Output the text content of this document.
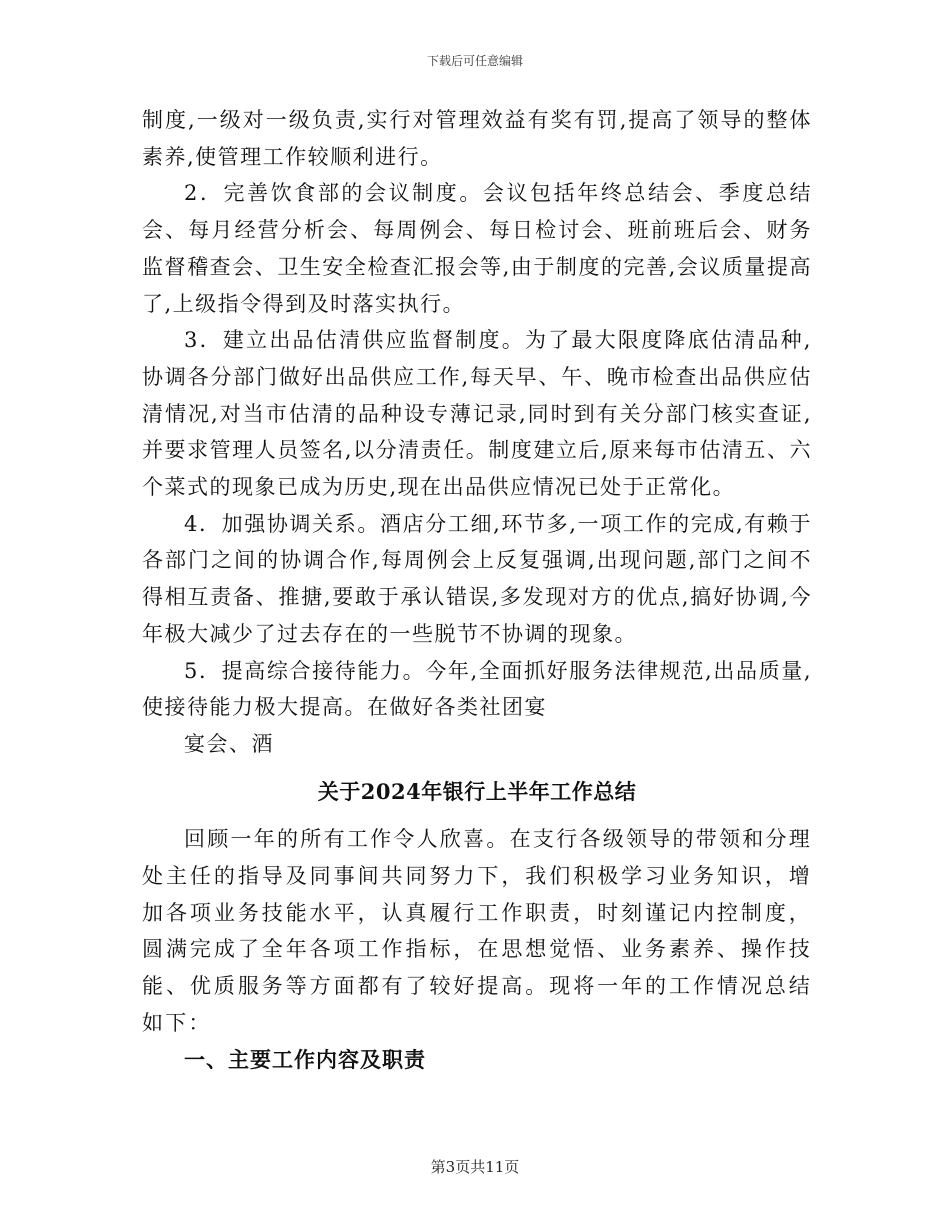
下载后可任意编辑

制度,一级对一级负责,实行对管理效益有奖有罚,提高了领导的整体素养,使管理工作较顺利进行。

2．完善饮食部的会议制度。会议包括年终总结会、季度总结会、每月经营分析会、每周例会、每日检讨会、班前班后会、财务监督稽查会、卫生安全检查汇报会等,由于制度的完善,会议质量提高了,上级指令得到及时落实执行。

3．建立出品估清供应监督制度。为了最大限度降底估清品种,协调各分部门做好出品供应工作,每天早、午、晚市检查出品供应估清情况,对当市估清的品种设专薄记录,同时到有关分部门核实查证,并要求管理人员签名,以分清责任。制度建立后,原来每市估清五、六个菜式的现象已成为历史,现在出品供应情况已处于正常化。

4．加强协调关系。酒店分工细,环节多,一项工作的完成,有赖于各部门之间的协调合作,每周例会上反复强调,出现问题,部门之间不得相互责备、推搪,要敢于承认错误,多发现对方的优点,搞好协调,今年极大减少了过去存在的一些脱节不协调的现象。

5．提高综合接待能力。今年,全面抓好服务法律规范,出品质量,使接待能力极大提高。在做好各类社团宴

宴会、酒

关于2024年银行上半年工作总结

回顾一年的所有工作令人欣喜。在支行各级领导的带领和分理处主任的指导及同事间共同努力下，我们积极学习业务知识，增加各项业务技能水平，认真履行工作职责，时刻谨记内控制度，圆满完成了全年各项工作指标，在思想觉悟、业务素养、操作技能、优质服务等方面都有了较好提高。现将一年的工作情况总结如下：

一、主要工作内容及职责

第3页共11页
